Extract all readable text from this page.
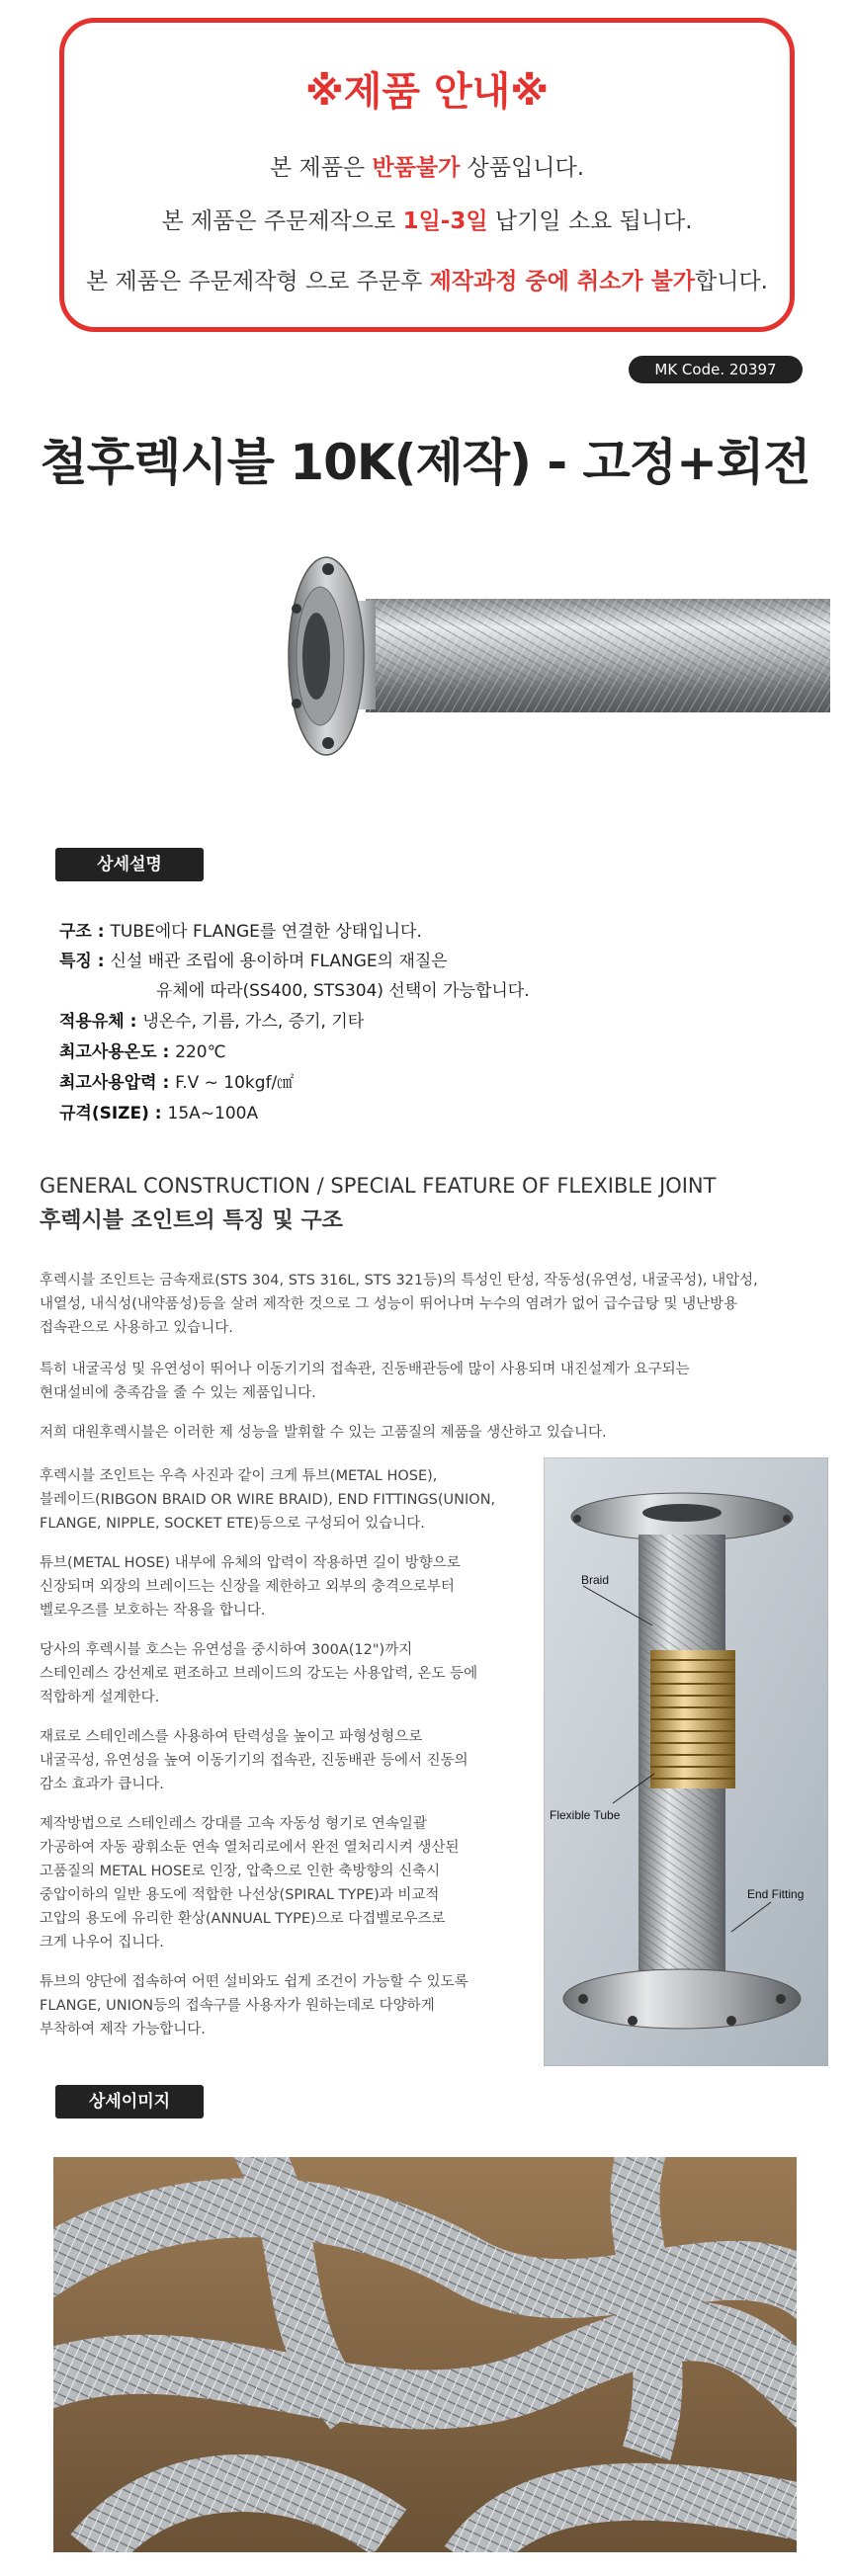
※제품 안내※
본 제품은 반품불가 상품입니다.
본 제품은 주문제작으로 1일-3일 납기일 소요 됩니다.
본 제품은 주문제작형 으로 주문후 제작과정 중에 취소가 불가합니다.
MK Code. 20397
철후렉시블 10K(제작) - 고정+회전
상세설명
구조 : TUBE에다 FLANGE를 연결한 상태입니다.
특징 : 신설 배관 조립에 용이하며 FLANGE의 재질은
유체에 따라(SS400, STS304) 선택이 가능합니다.
적용유체 : 냉온수, 기름, 가스, 증기, 기타
최고사용온도 : 220℃
최고사용압력 : F.V ~ 10kgf/㎠
규격(SIZE) : 15A~100A
GENERAL CONSTRUCTION / SPECIAL FEATURE OF FLEXIBLE JOINT
후렉시블 조인트의 특징 및 구조
후렉시블 조인트는 금속재료(STS 304, STS 316L, STS 321등)의 특성인 탄성, 작동성(유연성, 내굴곡성), 내압성,
내열성, 내식성(내약품성)등을 살려 제작한 것으로 그 성능이 뛰어나며 누수의 염려가 없어 급수급탕 및 냉난방용
접속관으로 사용하고 있습니다.
특히 내굴곡성 및 유연성이 뛰어나 이동기기의 접속관, 진동배관등에 많이 사용되며 내진설계가 요구되는
현대설비에 충족감을 줄 수 있는 제품입니다.
저희 대원후렉시블은 이러한 제 성능을 발휘할 수 있는 고품질의 제품을 생산하고 있습니다.
후렉시블 조인트는 우측 사진과 같이 크게 튜브(METAL HOSE),
블레이드(RIBGON BRAID OR WIRE BRAID), END FITTINGS(UNION,
FLANGE, NIPPLE, SOCKET ETE)등으로 구성되어 있습니다.
튜브(METAL HOSE) 내부에 유체의 압력이 작용하면 길이 방향으로
신장되며 외장의 브레이드는 신장을 제한하고 외부의 충격으로부터
벨로우즈를 보호하는 작용을 합니다.
당사의 후렉시블 호스는 유연성을 중시하여 300A(12")까지
스테인레스 강선제로 편조하고 브레이드의 강도는 사용압력, 온도 등에
적합하게 설계한다.
재료로 스테인레스를 사용하여 탄력성을 높이고 파형성형으로
내굴곡성, 유연성을 높여 이동기기의 접속관, 진동배관 등에서 진동의
감소 효과가 큽니다.
제작방법으로 스테인레스 강대를 고속 자동성 형기로 연속일괄
가공하여 자동 광휘소둔 연속 열처리로에서 완전 열처리시켜 생산된
고품질의 METAL HOSE로 인장, 압축으로 인한 축방향의 신축시
중압이하의 일반 용도에 적합한 나선상(SPIRAL TYPE)과 비교적
고압의 용도에 유리한 환상(ANNUAL TYPE)으로 다겹벨로우즈로
크게 나우어 집니다.
튜브의 양단에 접속하여 어떤 설비와도 쉽게 조건이 가능할 수 있도록
FLANGE, UNION등의 접속구를 사용자가 원하는데로 다양하게
부착하여 제작 가능합니다.
Braid
Flexible Tube
End Fitting
상세이미지
